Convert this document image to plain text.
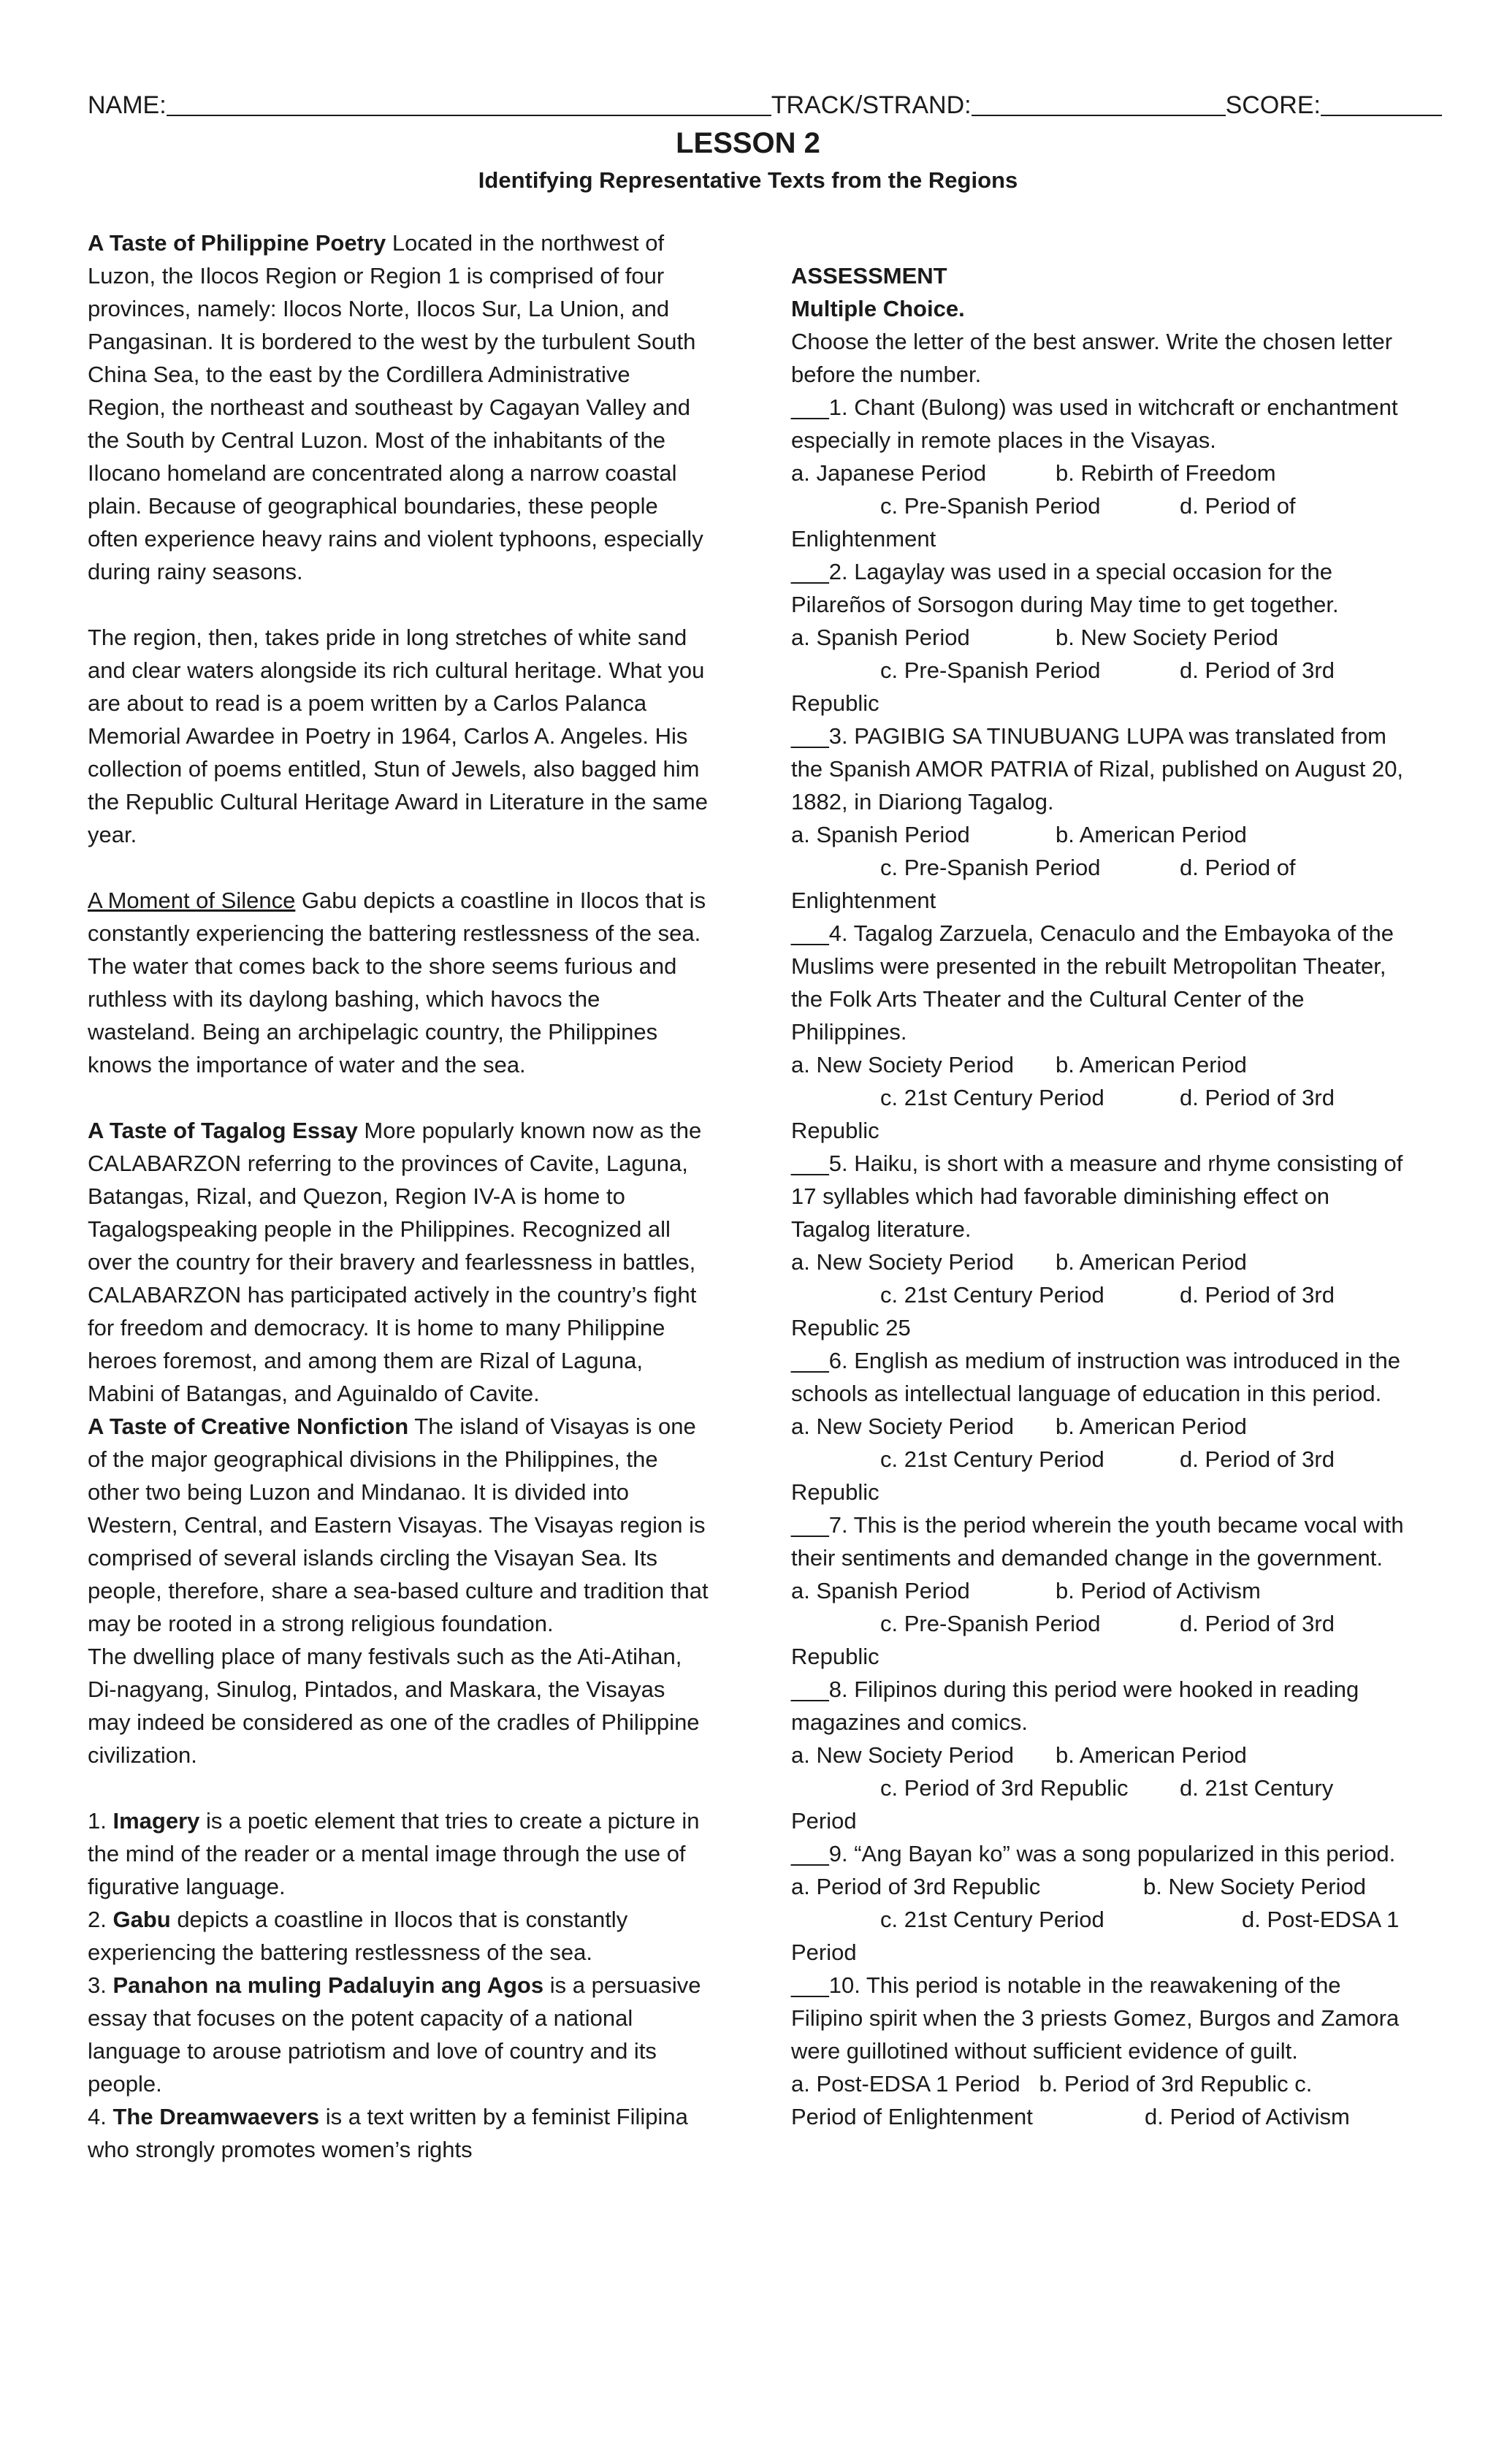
NAME:	TRACK/STRAND:	SCORE:
LESSON 2
Identifying Representative Texts from the Regions

A Taste of Philippine Poetry Located in the northwest of Luzon, the Ilocos Region or Region 1 is comprised of four provinces, namely: Ilocos Norte, Ilocos Sur, La Union, and Pangasinan. It is bordered to the west by the turbulent South China Sea, to the east by the Cordillera Administrative Region, the northeast and southeast by Cagayan Valley and the South by Central Luzon. Most of the inhabitants of the Ilocano homeland are concentrated along a narrow coastal plain. Because of geographical boundaries, these people often experience heavy rains and violent typhoons, especially during rainy seasons.

The region, then, takes pride in long stretches of white sand and clear waters alongside its rich cultural heritage. What you are about to read is a poem written by a Carlos Palanca Memorial Awardee in Poetry in 1964, Carlos A. Angeles. His collection of poems entitled, Stun of Jewels, also bagged him the Republic Cultural Heritage Award in Literature in the same year.

A Moment of Silence Gabu depicts a coastline in Ilocos that is constantly experiencing the battering restlessness of the sea. The water that comes back to the shore seems furious and ruthless with its daylong bashing, which havocs the wasteland. Being an archipelagic country, the Philippines knows the importance of water and the sea.

A Taste of Tagalog Essay More popularly known now as the CALABARZON referring to the provinces of Cavite, Laguna, Batangas, Rizal, and Quezon, Region IV-A is home to Tagalogspeaking people in the Philippines. Recognized all over the country for their bravery and fearlessness in battles, CALABARZON has participated actively in the country’s fight for freedom and democracy. It is home to many Philippine heroes foremost, and among them are Rizal of Laguna, Mabini of Batangas, and Aguinaldo of Cavite.

A Taste of Creative Nonfiction The island of Visayas is one of the major geographical divisions in the Philippines, the other two being Luzon and Mindanao. It is divided into Western, Central, and Eastern Visayas. The Visayas region is comprised of several islands circling the Visayan Sea. Its people, therefore, share a sea-based culture and tradition that may be rooted in a strong religious foundation.

The dwelling place of many festivals such as the Ati-Atihan, Di-nagyang, Sinulog, Pintados, and Maskara, the Visayas may indeed be considered as one of the cradles of Philippine civilization.

1. Imagery is a poetic element that tries to create a picture in the mind of the reader or a mental image through the use of figurative language.

2. Gabu depicts a coastline in Ilocos that is constantly experiencing the battering restlessness of the sea.

3. Panahon na muling Padaluyin ang Agos is a persuasive essay that focuses on the potent capacity of a national language to arouse patriotism and love of country and its people.

4. The Dreamwaevers is a text written by a feminist Filipina who strongly promotes women’s rights

ASSESSMENT

Multiple Choice.

Choose the letter of the best answer. Write the chosen letter before the number.

___1. Chant (Bulong) was used in witchcraft or enchantment especially in remote places in the Visayas.

a. Japanese Period	b. Rebirth of Freedom
c. Pre-Spanish Period	d. Period of

Enlightenment

___2. Lagaylay was used in a special occasion for the Pilareños of Sorsogon during May time to get together.

a. Spanish Period	b. New Society Period
c. Pre-Spanish Period	d. Period of 3rd

Republic

___3. PAGIBIG SA TINUBUANG LUPA was translated from the Spanish AMOR PATRIA of Rizal, published on August 20, 1882, in Diariong Tagalog.

a. Spanish Period	b. American Period
c. Pre-Spanish Period	d. Period of

Enlightenment

___4. Tagalog Zarzuela, Cenaculo and the Embayoka of the Muslims were presented in the rebuilt Metropolitan Theater, the Folk Arts Theater and the Cultural Center of the Philippines.

a. New Society Period	b. American Period
c. 21st Century Period	d. Period of 3rd

Republic

___5. Haiku, is short with a measure and rhyme consisting of 17 syllables which had favorable diminishing effect on Tagalog literature.

a. New Society Period	b. American Period
c. 21st Century Period	d. Period of 3rd

Republic 25

___6. English as medium of instruction was introduced in the schools as intellectual language of education in this period.

a. New Society Period	b. American Period
c. 21st Century Period	d. Period of 3rd

Republic

___7. This is the period wherein the youth became vocal with their sentiments and demanded change in the government.

a. Spanish Period	b. Period of Activism
c. Pre-Spanish Period	d. Period of 3rd

Republic

___8. Filipinos during this period were hooked in reading magazines and comics.

a. New Society Period	b. American Period
c. Period of 3rd Republic	d. 21st Century

Period

___9. “Ang Bayan ko” was a song popularized in this period.

a. Period of 3rd Republic	b. New Society Period
c. 21st Century Period	d. Post-EDSA 1

Period

___10. This period is notable in the reawakening of the Filipino spirit when the 3 priests Gomez, Burgos and Zamora were guillotined without sufficient evidence of guilt.

a. Post-EDSA 1 Period   b. Period of 3rd Republic c.

Period of Enlightenment	d. Period of Activism
